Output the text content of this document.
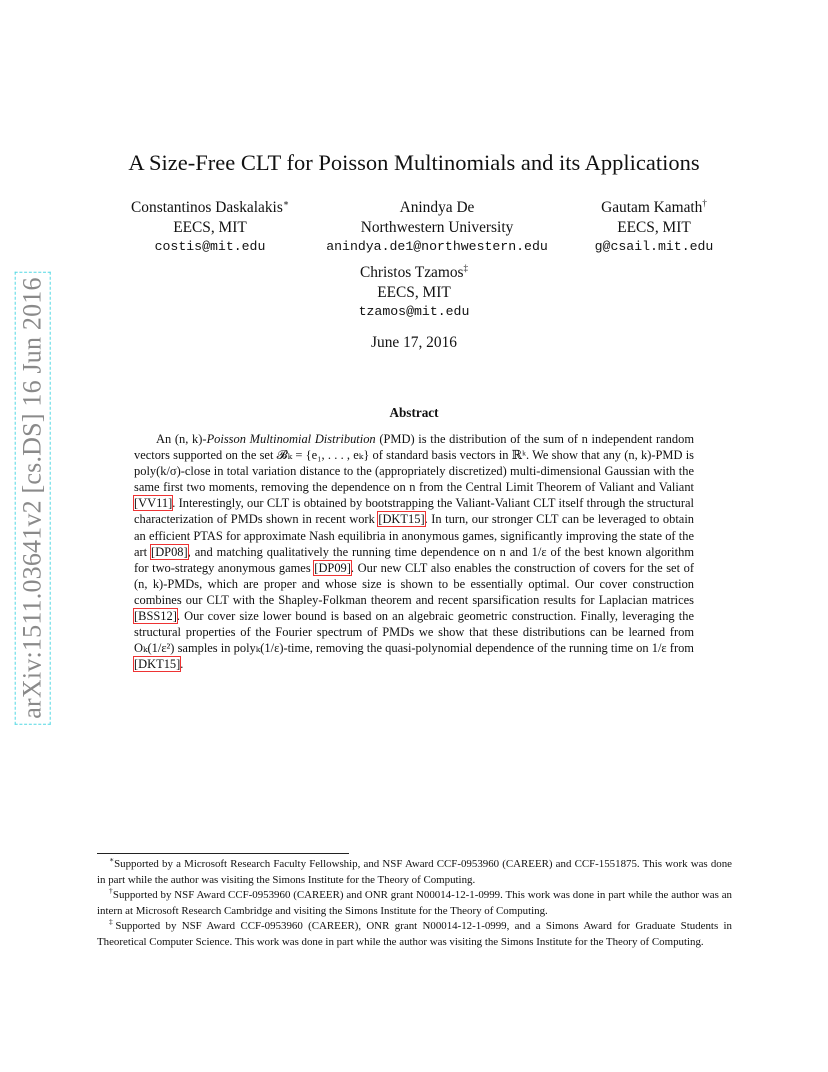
arXiv:1511.03641v2 [cs.DS] 16 Jun 2016
A Size-Free CLT for Poisson Multinomials and its Applications
Constantinos Daskalakis∗
EECS, MIT
costis@mit.edu
Anindya De
Northwestern University
anindya.de1@northwestern.edu
Gautam Kamath†
EECS, MIT
g@csail.mit.edu
Christos Tzamos‡
EECS, MIT
tzamos@mit.edu
June 17, 2016
Abstract
An (n, k)-Poisson Multinomial Distribution (PMD) is the distribution of the sum of n independent random vectors supported on the set 𝓑ₖ = {e₁, . . . , eₖ} of standard basis vectors in ℝᵏ. We show that any (n, k)-PMD is poly(k/σ)-close in total variation distance to the (appropriately discretized) multi-dimensional Gaussian with the same first two moments, removing the dependence on n from the Central Limit Theorem of Valiant and Valiant [VV11]. Interestingly, our CLT is obtained by bootstrapping the Valiant-Valiant CLT itself through the structural characterization of PMDs shown in recent work [DKT15]. In turn, our stronger CLT can be leveraged to obtain an efficient PTAS for approximate Nash equilibria in anonymous games, significantly improving the state of the art [DP08], and matching qualitatively the running time dependence on n and 1/ε of the best known algorithm for two-strategy anonymous games [DP09]. Our new CLT also enables the construction of covers for the set of (n, k)-PMDs, which are proper and whose size is shown to be essentially optimal. Our cover construction combines our CLT with the Shapley-Folkman theorem and recent sparsification results for Laplacian matrices [BSS12]. Our cover size lower bound is based on an algebraic geometric construction. Finally, leveraging the structural properties of the Fourier spectrum of PMDs we show that these distributions can be learned from Oₖ(1/ε²) samples in polyₖ(1/ε)-time, removing the quasi-polynomial dependence of the running time on 1/ε from [DKT15].

∗Supported by a Microsoft Research Faculty Fellowship, and NSF Award CCF-0953960 (CAREER) and CCF-1551875. This work was done in part while the author was visiting the Simons Institute for the Theory of Computing.

†Supported by NSF Award CCF-0953960 (CAREER) and ONR grant N00014-12-1-0999. This work was done in part while the author was an intern at Microsoft Research Cambridge and visiting the Simons Institute for the Theory of Computing.

‡Supported by NSF Award CCF-0953960 (CAREER), ONR grant N00014-12-1-0999, and a Simons Award for Graduate Students in Theoretical Computer Science. This work was done in part while the author was visiting the Simons Institute for the Theory of Computing.
